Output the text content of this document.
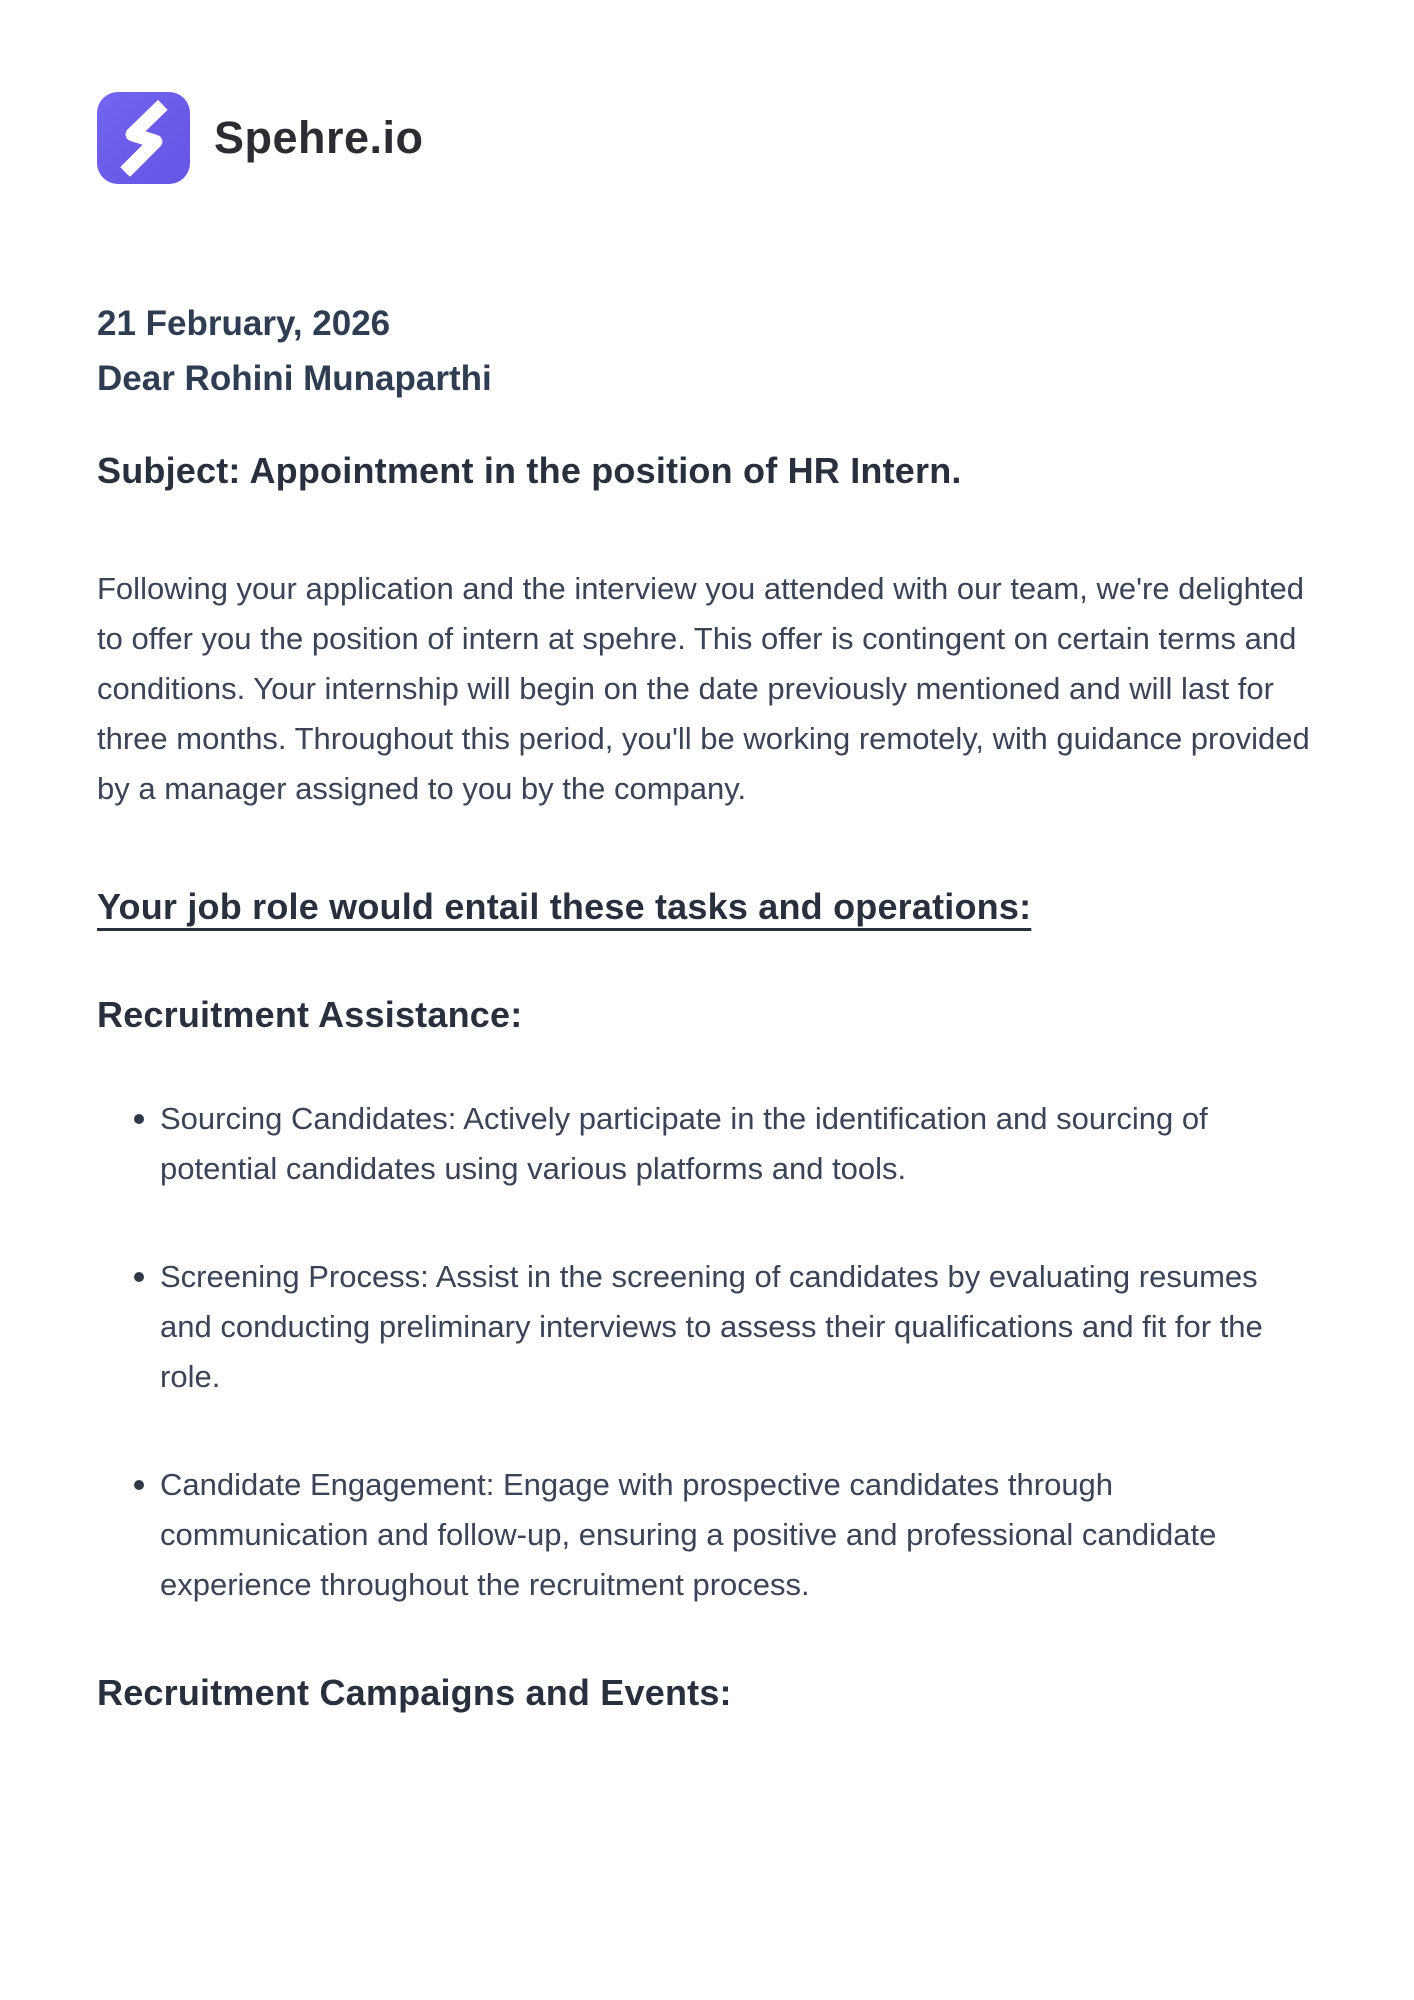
Spehre.io
21 February, 2026
Dear Rohini Munaparthi
Subject: Appointment in the position of HR Intern.

Following your application and the interview you attended with our team, we're delighted to offer you the position of intern at spehre. This offer is contingent on certain terms and conditions. Your internship will begin on the date previously mentioned and will last for three months. Throughout this period, you'll be working remotely, with guidance provided by a manager assigned to you by the company.

Your job role would entail these tasks and operations:
Recruitment Assistance:
Sourcing Candidates: Actively participate in the identification and sourcing of potential candidates using various platforms and tools.
Screening Process: Assist in the screening of candidates by evaluating resumes and conducting preliminary interviews to assess their qualifications and fit for the role.
Candidate Engagement: Engage with prospective candidates through communication and follow-up, ensuring a positive and professional candidate experience throughout the recruitment process.
Recruitment Campaigns and Events:
